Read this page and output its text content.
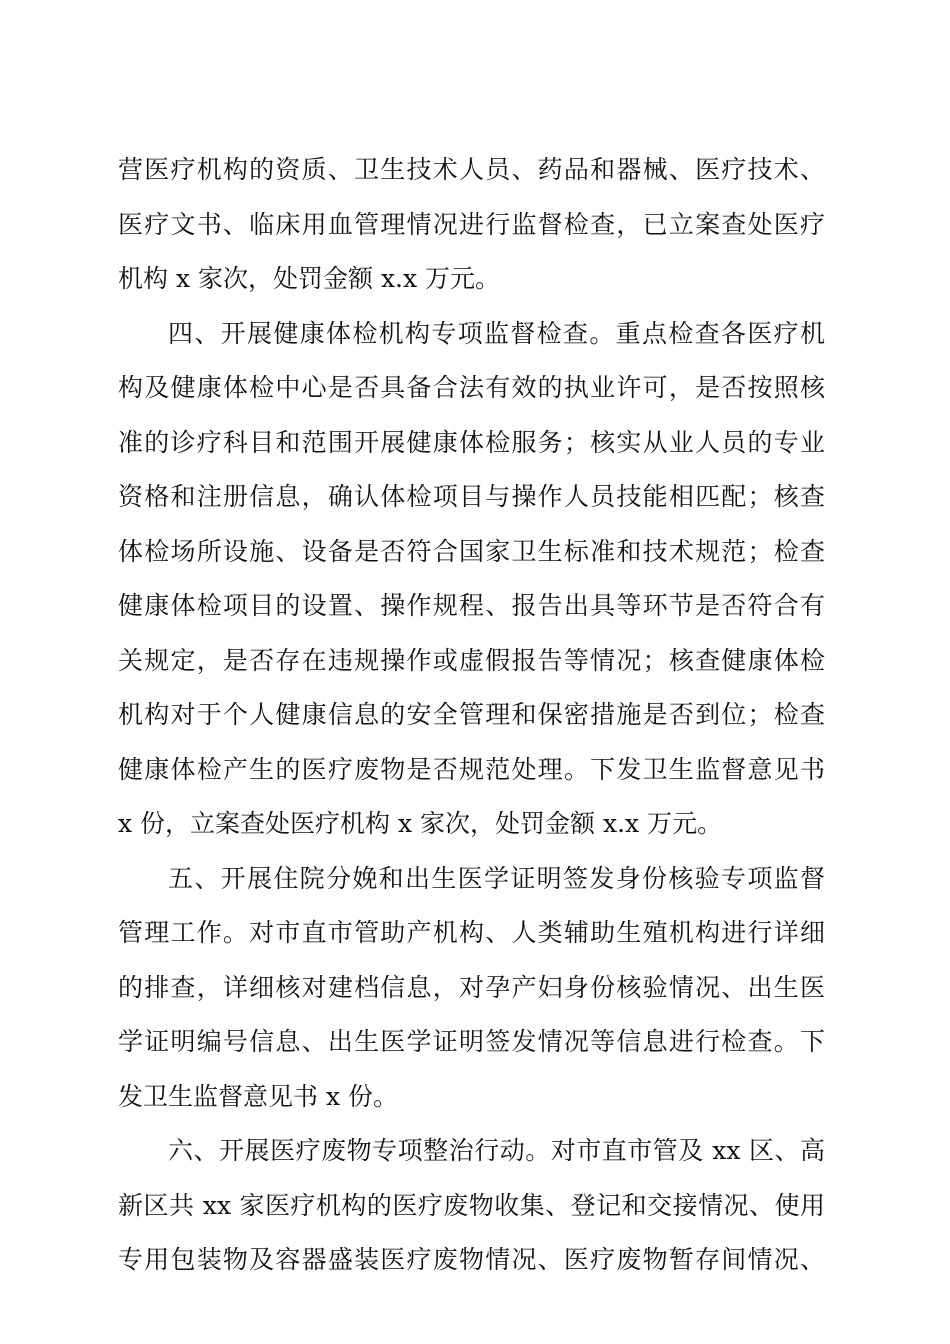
营医疗机构的资质、卫生技术人员、药品和器械、医疗技术、
医疗文书、临床用血管理情况进行监督检查，已立案查处医疗
机构 x 家次，处罚金额 x.x 万元。
四、开展健康体检机构专项监督检查。重点检查各医疗机
构及健康体检中心是否具备合法有效的执业许可，是否按照核
准的诊疗科目和范围开展健康体检服务；核实从业人员的专业
资格和注册信息，确认体检项目与操作人员技能相匹配；核查
体检场所设施、设备是否符合国家卫生标准和技术规范；检查
健康体检项目的设置、操作规程、报告出具等环节是否符合有
关规定，是否存在违规操作或虚假报告等情况；核查健康体检
机构对于个人健康信息的安全管理和保密措施是否到位；检查
健康体检产生的医疗废物是否规范处理。下发卫生监督意见书
x 份，立案查处医疗机构 x 家次，处罚金额 x.x 万元。
五、开展住院分娩和出生医学证明签发身份核验专项监督
管理工作。对市直市管助产机构、人类辅助生殖机构进行详细
的排查，详细核对建档信息，对孕产妇身份核验情况、出生医
学证明编号信息、出生医学证明签发情况等信息进行检查。下
发卫生监督意见书 x 份。
六、开展医疗废物专项整治行动。对市直市管及 xx 区、高
新区共 xx 家医疗机构的医疗废物收集、登记和交接情况、使用
专用包装物及容器盛装医疗废物情况、医疗废物暂存间情况、
